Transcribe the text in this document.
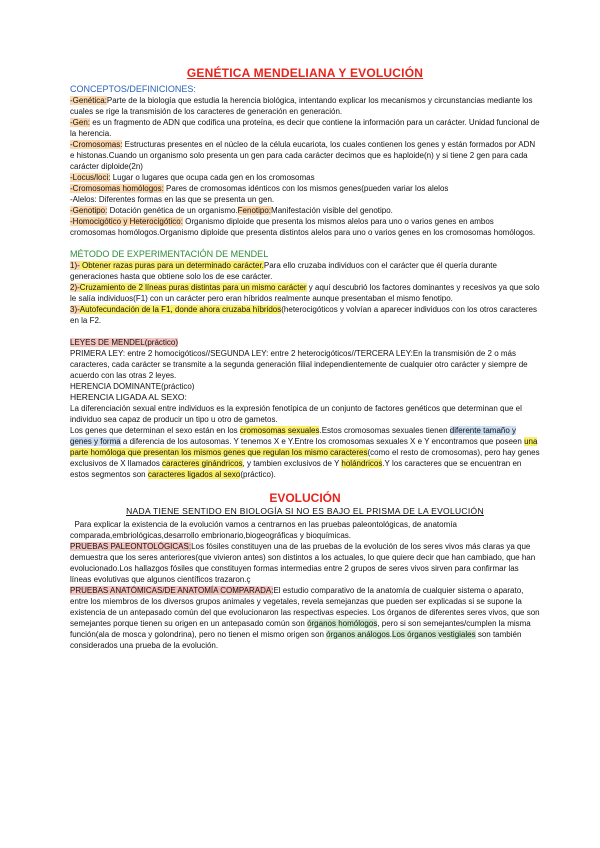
GENÉTICA MENDELIANA Y EVOLUCIÓN
CONCEPTOS/DEFINICIONES:

-Genética:Parte de la biología que estudia la herencia biológica, intentando explicar los mecanismos y circunstancias mediante los cuales se rige la transmisión de los caracteres de generación en generación.

-Gen: es un fragmento de ADN que codifica una proteína, es decir que contiene la información para un carácter. Unidad funcional de la herencia.

-Cromosomas: Estructuras presentes en el núcleo de la célula eucariota, los cuales contienen los genes y están formados por ADN e histonas.Cuando un organismo solo presenta un gen para cada carácter decimos que es haploide(n) y si tiene 2 gen para cada carácter diploide(2n)

-Locus/loci: Lugar o lugares que ocupa cada gen en los cromosomas

-Cromosomas homólogos: Pares de cromosomas idénticos con los mismos genes(pueden variar los alelos

-Alelos: Diferentes formas en las que se presenta un gen.

-Genotipo: Dotación genética de un organismo.Fenotipo:Manifestación visible del genotipo.

-Homocigótico y Heterocigótico: Organismo diploide que presenta los mismos alelos para uno o varios genes en ambos cromosomas homólogos.Organismo diploide que presenta distintos alelos para uno o varios genes en los cromosomas homólogos.

MÉTODO DE EXPERIMENTACIÓN DE MENDEL

1)- Obtener razas puras para un determinado carácter.Para ello cruzaba individuos con el carácter que él quería durante generaciones hasta que obtiene solo los de ese carácter.

2)-Cruzamiento de 2 líneas puras distintas para un mismo carácter y aquí descubrió los factores dominantes y recesivos ya que solo le salía individuos(F1) con un carácter pero eran híbridos realmente aunque presentaban el mismo fenotipo.

3)-Autofecundación de la F1, donde ahora cruzaba híbridos(heterocigóticos y volvían a aparecer individuos con los otros caracteres en la F2.

LEYES DE MENDEL(práctico)

PRIMERA LEY: entre 2 homocigóticos//SEGUNDA LEY: entre 2 heterocigóticos//TERCERA LEY:En la transmisión de 2 o más caracteres, cada carácter se transmite a la segunda generación filial independientemente de cualquier otro carácter y siempre de acuerdo con las otras 2 leyes.

HERENCIA DOMINANTE(práctico)

HERENCIA LIGADA AL SEXO:

La diferenciación sexual entre individuos es la expresión fenotípica de un conjunto de factores genéticos que determinan que el individuo sea capaz de producir un tipo u otro de gametos.

Los genes que determinan el sexo están en los cromosomas sexuales.Estos cromosomas sexuales tienen diferente tamaño y genes y forma a diferencia de los autosomas. Y tenemos X e Y.Entre los cromosomas sexuales X e Y encontramos que poseen una parte homóloga que presentan los mismos genes que regulan los mismo caracteres(como el resto de cromosomas), pero hay genes exclusivos de X llamados caracteres ginándricos, y tambien exclusivos de Y holándricos.Y los caracteres que se encuentran en estos segmentos son caracteres ligados al sexo(práctico).

EVOLUCIÓN
NADA TIENE SENTIDO EN BIOLOGÍA SI NO ES BAJO EL PRISMA DE LA EVOLUCIÓN

Para explicar la existencia de la evolución vamos a centrarnos en las pruebas paleontológicas, de anatomía comparada,embriológicas,desarrollo embrionario,biogeográficas y bioquímicas.

PRUEBAS PALEONTOLÓGICAS:Los fósiles constituyen una de las pruebas de la evolución de los seres vivos más claras ya que demuestra que los seres anteriores(que vivieron antes) son distintos a los actuales, lo que quiere decir que han cambiado, que han evolucionado.Los hallazgos fósiles que constituyen formas intermedias entre 2 grupos de seres vivos sirven para confirmar las líneas evolutivas que algunos científicos trazaron.ç

PRUEBAS ANATÓMICAS/DE ANATOMÍA COMPARADA:El estudio comparativo de la anatomía de cualquier sistema o aparato, entre los miembros de los diversos grupos animales y vegetales, revela semejanzas que pueden ser explicadas si se supone la existencia de un antepasado común del que evolucionaron las respectivas especies. Los órganos de diferentes seres vivos, que son semejantes porque tienen su origen en un antepasado común son órganos homólogos, pero si son semejantes/cumplen la misma función(ala de mosca y golondrina), pero no tienen el mismo origen son órganos análogos.Los órganos vestigiales son también considerados una prueba de la evolución.
